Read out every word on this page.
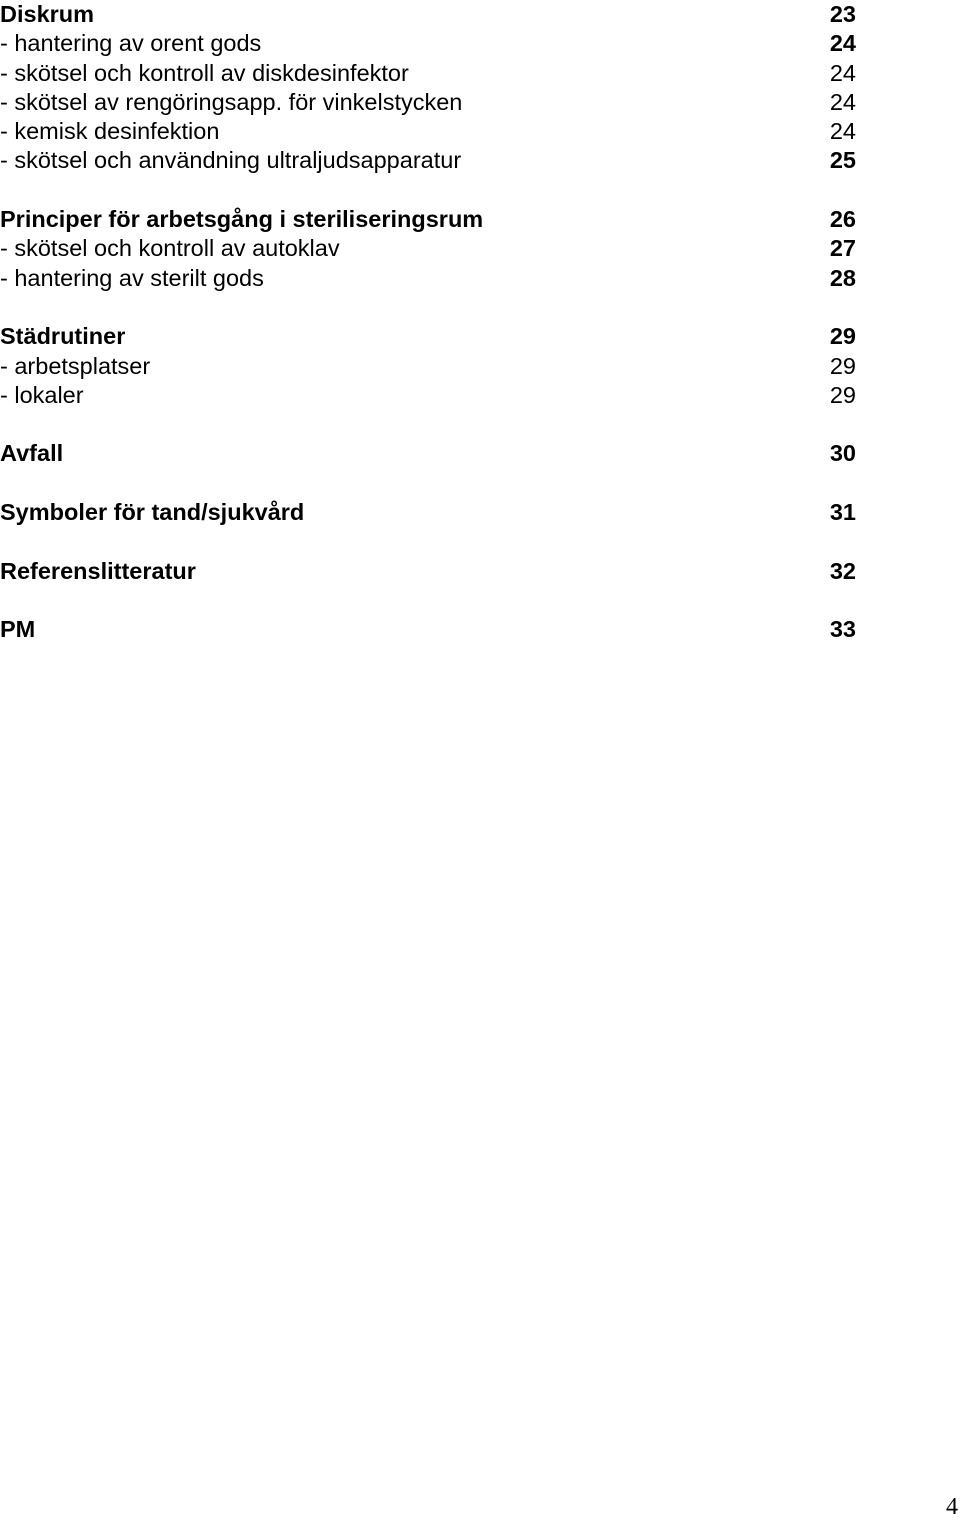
Diskrum	23
- hantering av orent gods	24
- skötsel och kontroll av diskdesinfektor	24
- skötsel av rengöringsapp. för vinkelstycken	24
- kemisk desinfektion	24
- skötsel och användning ultraljudsapparatur	25
Principer för arbetsgång i steriliseringsrum	26
- skötsel och kontroll av autoklav	27
- hantering av sterilt gods	28
Städrutiner	29
- arbetsplatser	29
- lokaler	29
Avfall	30
Symboler för tand/sjukvård	31
Referenslitteratur	32
PM	33
4
